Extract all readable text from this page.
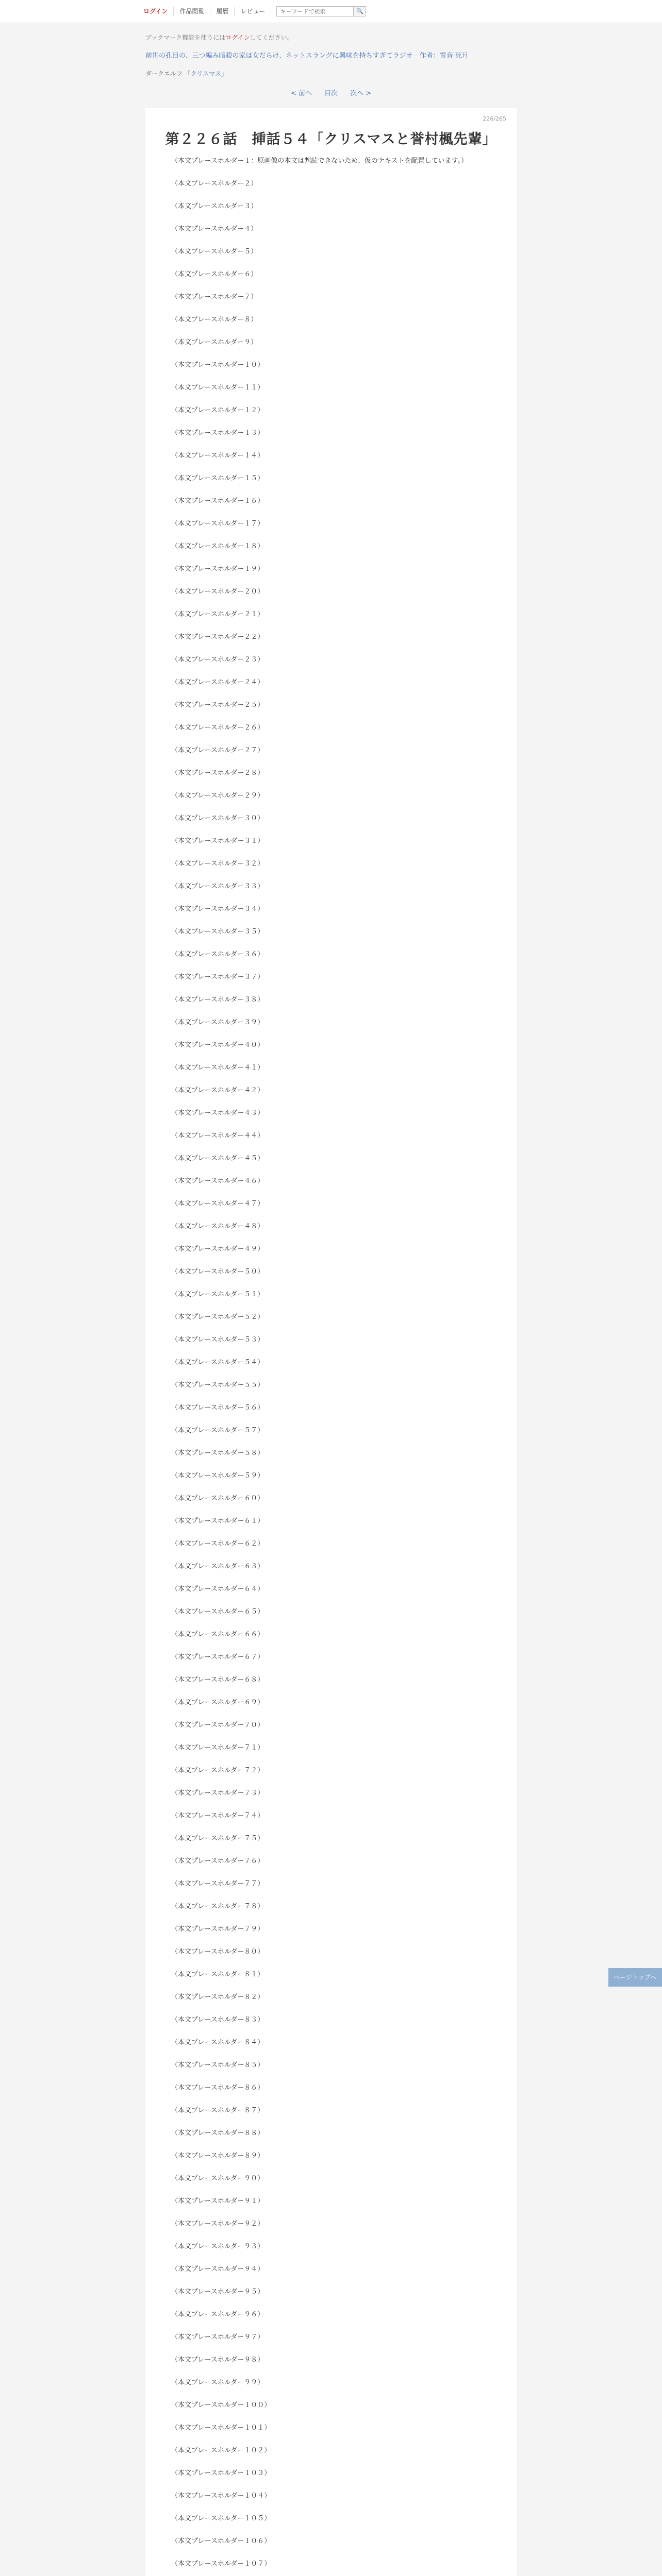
ログイン	作品閲覧	履歴	レビュー
キーワードで検索	🔍
ブックマーク機能を使うにはログインしてください。
前世の孔目の、三つ編み暗殺の家は女だらけ、ネットスラングに興味を持ちすぎてラジオ　作者：雷音 死月
ダークエルフ 「クリスマス」
< 前へ 目次 次へ >
226/265
第２２６話　挿話５４「クリスマスと誉村楓先輩」

（本文プレースホルダー１：原画像の本文は判読できないため、仮のテキストを配置しています。）

（本文プレースホルダー２）

（本文プレースホルダー３）

（本文プレースホルダー４）

（本文プレースホルダー５）

（本文プレースホルダー６）

（本文プレースホルダー７）

（本文プレースホルダー８）

（本文プレースホルダー９）

（本文プレースホルダー１０）

（本文プレースホルダー１１）

（本文プレースホルダー１２）

（本文プレースホルダー１３）

（本文プレースホルダー１４）

（本文プレースホルダー１５）

（本文プレースホルダー１６）

（本文プレースホルダー１７）

（本文プレースホルダー１８）

（本文プレースホルダー１９）

（本文プレースホルダー２０）

（本文プレースホルダー２１）

（本文プレースホルダー２２）

（本文プレースホルダー２３）

（本文プレースホルダー２４）

（本文プレースホルダー２５）

（本文プレースホルダー２６）

（本文プレースホルダー２７）

（本文プレースホルダー２８）

（本文プレースホルダー２９）

（本文プレースホルダー３０）

（本文プレースホルダー３１）

（本文プレースホルダー３２）

（本文プレースホルダー３３）

（本文プレースホルダー３４）

（本文プレースホルダー３５）

（本文プレースホルダー３６）

（本文プレースホルダー３７）

（本文プレースホルダー３８）

（本文プレースホルダー３９）

（本文プレースホルダー４０）

（本文プレースホルダー４１）

（本文プレースホルダー４２）

（本文プレースホルダー４３）

（本文プレースホルダー４４）

（本文プレースホルダー４５）

（本文プレースホルダー４６）

（本文プレースホルダー４７）

（本文プレースホルダー４８）

（本文プレースホルダー４９）

（本文プレースホルダー５０）

（本文プレースホルダー５１）

（本文プレースホルダー５２）

（本文プレースホルダー５３）

（本文プレースホルダー５４）

（本文プレースホルダー５５）

（本文プレースホルダー５６）

（本文プレースホルダー５７）

（本文プレースホルダー５８）

（本文プレースホルダー５９）

（本文プレースホルダー６０）

（本文プレースホルダー６１）

（本文プレースホルダー６２）

（本文プレースホルダー６３）

（本文プレースホルダー６４）

（本文プレースホルダー６５）

（本文プレースホルダー６６）

（本文プレースホルダー６７）

（本文プレースホルダー６８）

（本文プレースホルダー６９）

（本文プレースホルダー７０）

（本文プレースホルダー７１）

（本文プレースホルダー７２）

（本文プレースホルダー７３）

（本文プレースホルダー７４）

（本文プレースホルダー７５）

（本文プレースホルダー７６）

（本文プレースホルダー７７）

（本文プレースホルダー７８）

（本文プレースホルダー７９）

（本文プレースホルダー８０）

（本文プレースホルダー８１）

（本文プレースホルダー８２）

（本文プレースホルダー８３）

（本文プレースホルダー８４）

（本文プレースホルダー８５）

（本文プレースホルダー８６）

（本文プレースホルダー８７）

（本文プレースホルダー８８）

（本文プレースホルダー８９）

（本文プレースホルダー９０）

（本文プレースホルダー９１）

（本文プレースホルダー９２）

（本文プレースホルダー９３）

（本文プレースホルダー９４）

（本文プレースホルダー９５）

（本文プレースホルダー９６）

（本文プレースホルダー９７）

（本文プレースホルダー９８）

（本文プレースホルダー９９）

（本文プレースホルダー１００）

（本文プレースホルダー１０１）

（本文プレースホルダー１０２）

（本文プレースホルダー１０３）

（本文プレースホルダー１０４）

（本文プレースホルダー１０５）

（本文プレースホルダー１０６）

（本文プレースホルダー１０７）

ページトップへ
